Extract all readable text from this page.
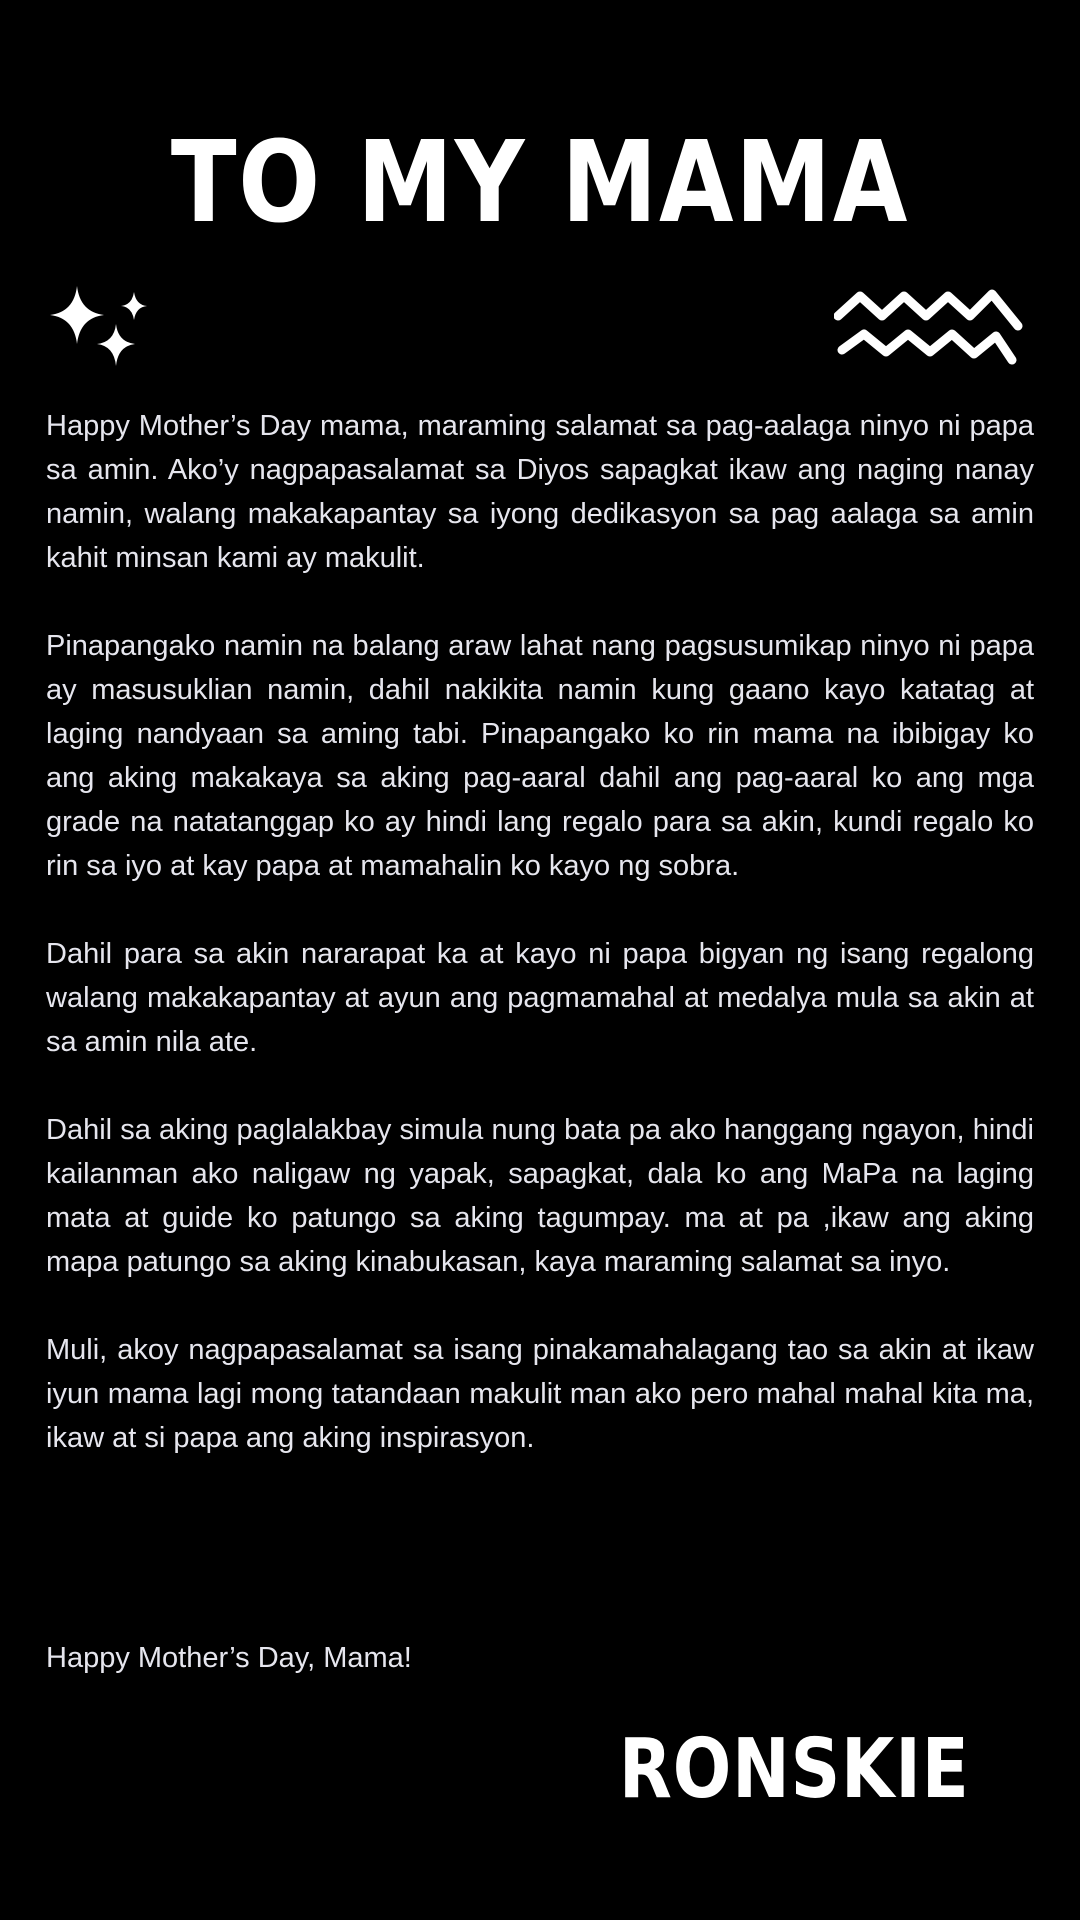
TO MY MAMA

Happy Mother’s Day mama, maraming salamat sa pag-aalaga ninyo ni papa sa amin. Ako’y nagpapasalamat sa Diyos sapagkat ikaw ang naging nanay namin, walang makakapantay sa iyong dedikasyon sa pag aalaga sa amin kahit minsan kami ay makulit.

Pinapangako namin na balang araw lahat nang pagsusumikap ninyo ni papa ay masusuklian namin, dahil nakikita namin kung gaano kayo katatag at laging nandyaan sa aming tabi. Pinapangako ko rin mama na ibibigay ko ang aking makakaya sa aking pag-aaral dahil ang pag-aaral ko ang mga grade na natatanggap ko ay hindi lang regalo para sa akin, kundi regalo ko rin sa iyo at kay papa at mamahalin ko kayo ng sobra.

Dahil para sa akin nararapat ka at kayo ni papa bigyan ng isang regalong walang makakapantay at ayun ang pagmamahal at medalya mula sa akin at sa amin nila ate.

Dahil sa aking paglalakbay simula nung bata pa ako hanggang ngayon, hindi kailanman ako naligaw ng yapak, sapagkat, dala ko ang MaPa na laging mata at guide ko patungo sa aking tagumpay. ma at pa ,ikaw ang aking mapa patungo sa aking kinabukasan, kaya maraming salamat sa inyo.

Muli, akoy nagpapasalamat sa isang pinakamahalagang tao sa akin at ikaw iyun mama lagi mong tatandaan makulit man ako pero mahal mahal kita ma, ikaw at si papa ang aking inspirasyon.

Happy Mother’s Day, Mama!
RONSKIE
